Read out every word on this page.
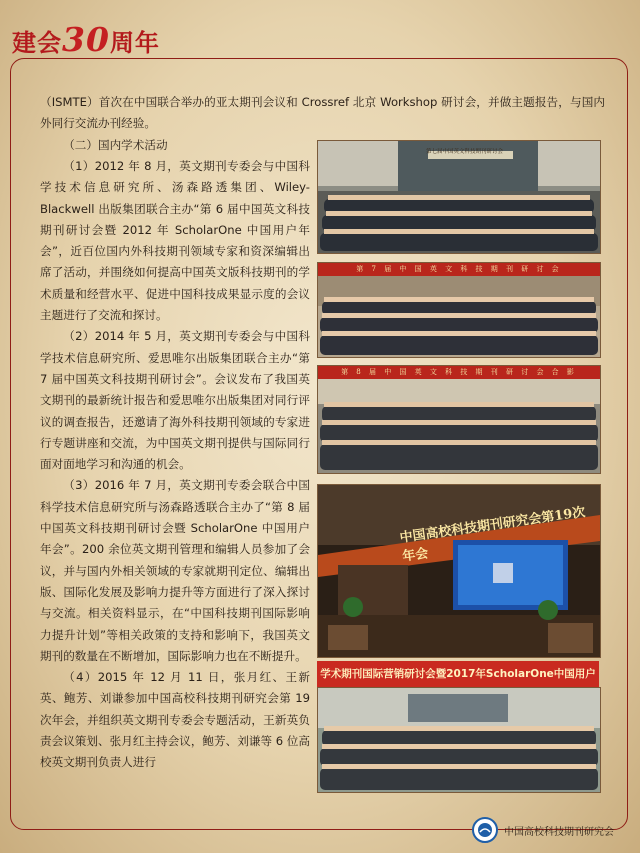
建会30周年

（ISMTE）首次在中国联合举办的亚太期刊会议和 Crossref 北京 Workshop 研讨会，并做主题报告，与国内外同行交流办刊经验。

（二）国内学术活动

（1）2012 年 8 月，英文期刊专委会与中国科学技术信息研究所、汤森路透集团、Wiley-Blackwell 出版集团联合主办“第 6 届中国英文科技期刊研讨会暨 2012 年 ScholarOne 中国用户年会”，近百位国内外科技期刊领域专家和资深编辑出席了活动，并围绕如何提高中国英文版科技期刊的学术质量和经营水平、促进中国科技成果显示度的会议主题进行了交流和探讨。

（2）2014 年 5 月，英文期刊专委会与中国科学技术信息研究所、爱思唯尔出版集团联合主办“第 7 届中国英文科技期刊研讨会”。会议发布了我国英文期刊的最新统计报告和爱思唯尔出版集团对同行评议的调查报告，还邀请了海外科技期刊领域的专家进行专题讲座和交流，为中国英文期刊提供与国际同行面对面地学习和沟通的机会。

（3）2016 年 7 月，英文期刊专委会联合中国科学技术信息研究所与汤森路透联合主办了“第 8 届中国英文科技期刊研讨会暨 ScholarOne 中国用户年会”。200 余位英文期刊管理和编辑人员参加了会议，并与国内外相关领域的专家就期刊定位、编辑出版、国际化发展及影响力提升等方面进行了深入探讨与交流。相关资料显示，在“中国科技期刊国际影响力提升计划”等相关政策的支持和影响下，我国英文期刊的数量在不断增加，国际影响力也在不断提升。

（4）2015 年 12 月 11 日，张月红、王新英、鲍芳、刘谦参加中国高校科技期刊研究会第 19 次年会，并组织英文期刊专委会专题活动，王新英负责会议策划、张月红主持会议，鲍芳、刘谦等 6 位高校英文期刊负责人进行

第七届中国英文科技期刊研讨会
第 7 届 中 国 英 文 科 技 期 刊 研 讨 会
第 8 届 中 国 英 文 科 技 期 刊 研 讨 会 合 影
中国高校科技期刊研究会第19次年会
学术期刊国际营销研讨会暨2017年ScholarOne中国用户
中国高校科技期刊研究会
